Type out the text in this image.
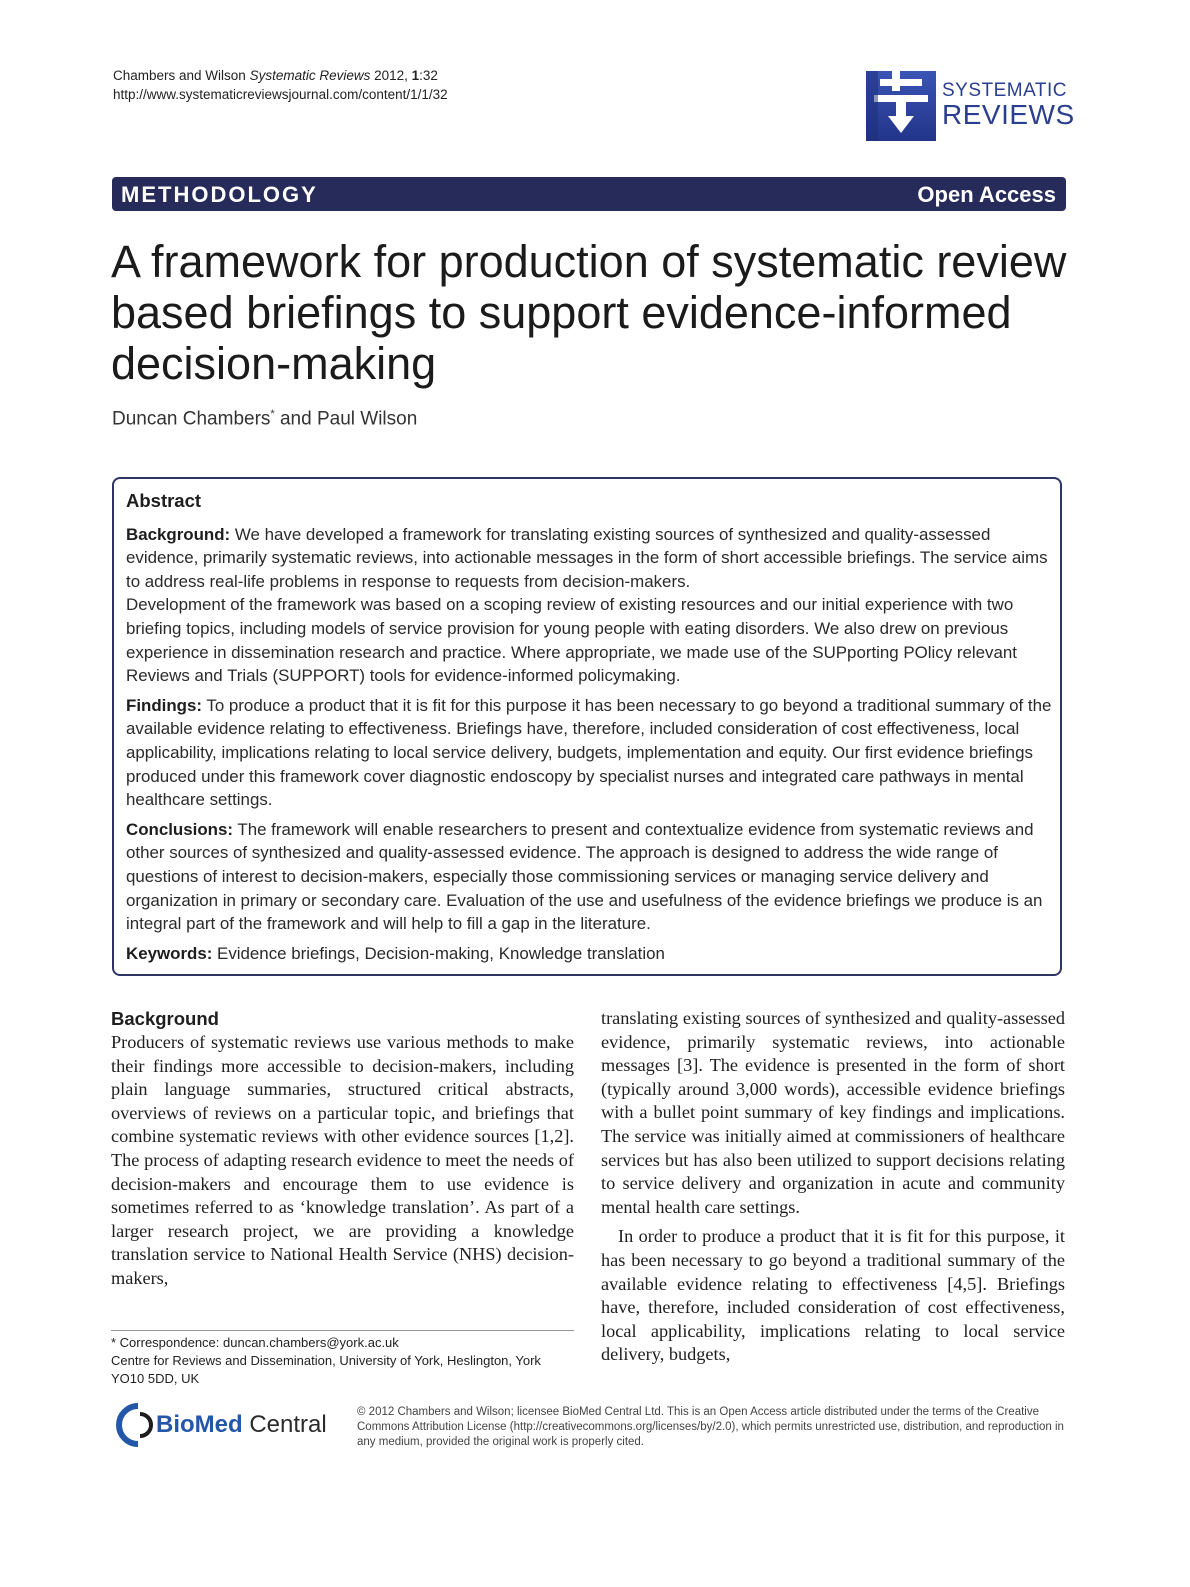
Chambers and Wilson Systematic Reviews 2012, 1:32
http://www.systematicreviewsjournal.com/content/1/1/32	SYSTEMATIC
REVIEWS
METHODOLOGY	Open Access
A framework for production of systematic review based briefings to support evidence-informed decision-making
Duncan Chambers* and Paul Wilson
Abstract

Background: We have developed a framework for translating existing sources of synthesized and quality-assessed evidence, primarily systematic reviews, into actionable messages in the form of short accessible briefings. The service aims to address real-life problems in response to requests from decision-makers.

Development of the framework was based on a scoping review of existing resources and our initial experience with two briefing topics, including models of service provision for young people with eating disorders. We also drew on previous experience in dissemination research and practice. Where appropriate, we made use of the SUPporting POlicy relevant Reviews and Trials (SUPPORT) tools for evidence-informed policymaking.

Findings: To produce a product that it is fit for this purpose it has been necessary to go beyond a traditional summary of the available evidence relating to effectiveness. Briefings have, therefore, included consideration of cost effectiveness, local applicability, implications relating to local service delivery, budgets, implementation and equity. Our first evidence briefings produced under this framework cover diagnostic endoscopy by specialist nurses and integrated care pathways in mental healthcare settings.

Conclusions: The framework will enable researchers to present and contextualize evidence from systematic reviews and other sources of synthesized and quality-assessed evidence. The approach is designed to address the wide range of questions of interest to decision-makers, especially those commissioning services or managing service delivery and organization in primary or secondary care. Evaluation of the use and usefulness of the evidence briefings we produce is an integral part of the framework and will help to fill a gap in the literature.

Keywords: Evidence briefings, Decision-making, Knowledge translation

Background

Producers of systematic reviews use various methods to make their findings more accessible to decision-makers, including plain language summaries, structured critical abstracts, overviews of reviews on a particular topic, and briefings that combine systematic reviews with other evidence sources [1,2]. The process of adapting research evidence to meet the needs of decision-makers and encourage them to use evidence is sometimes referred to as ‘knowledge translation’. As part of a larger research project, we are providing a knowledge translation service to National Health Service (NHS) decision-makers,

translating existing sources of synthesized and quality-assessed evidence, primarily systematic reviews, into actionable messages [3]. The evidence is presented in the form of short (typically around 3,000 words), accessible evidence briefings with a bullet point summary of key findings and implications. The service was initially aimed at commissioners of healthcare services but has also been utilized to support decisions relating to service delivery and organization in acute and community mental health care settings.

In order to produce a product that it is fit for this purpose, it has been necessary to go beyond a traditional summary of the available evidence relating to effectiveness [4,5]. Briefings have, therefore, included consideration of cost effectiveness, local applicability, implications relating to local service delivery, budgets,

* Correspondence: duncan.chambers@york.ac.uk
Centre for Reviews and Dissemination, University of York, Heslington, York YO10 5DD, UK
BioMed Central	© 2012 Chambers and Wilson; licensee BioMed Central Ltd. This is an Open Access article distributed under the terms of the Creative Commons Attribution License (http://creativecommons.org/licenses/by/2.0), which permits unrestricted use, distribution, and reproduction in any medium, provided the original work is properly cited.
